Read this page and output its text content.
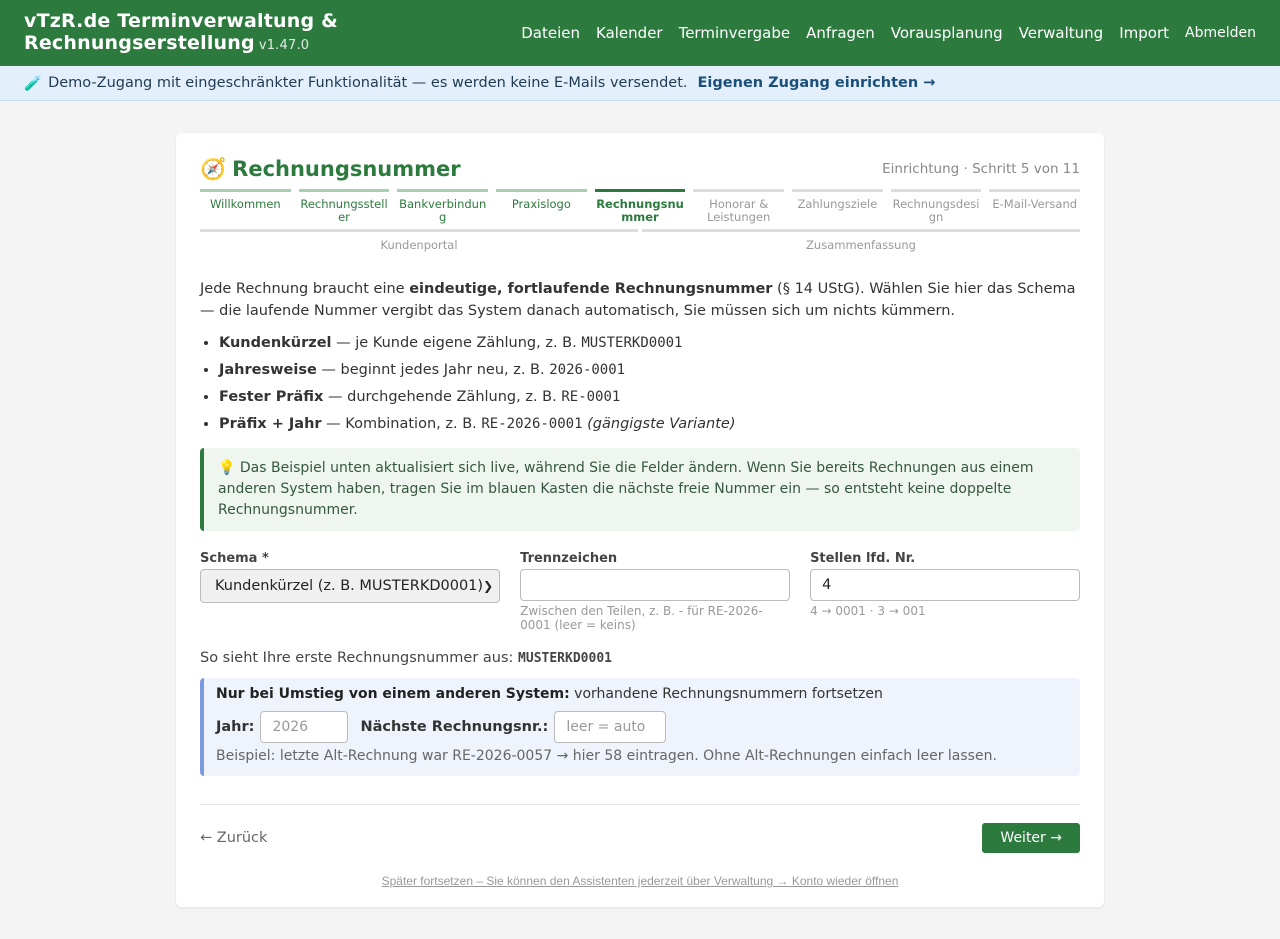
vTzR.de Terminverwaltung &
Rechnungserstellung v1.47.0
Dateien Kalender Terminvergabe Anfragen Vorausplanung Verwaltung Import Abmelden
🧪 Demo-Zugang mit eingeschränkter Funktionalität — es werden keine E-Mails versendet. Eigenen Zugang einrichten →
🧭 Rechnungsnummer	Einrichtung · Schritt 5 von 11
Willkommen	Rechnungssteller
Bankverbindung
Praxislogo	Rechnungsnummer
Honorar & Leistungen
Zahlungsziele	Rechnungsdesign
E-Mail-Versand
Kundenportal	Zusammenfassung

Jede Rechnung braucht eine eindeutige, fortlaufende Rechnungsnummer (§ 14 UStG). Wählen Sie hier das Schema — die laufende Nummer vergibt das System danach automatisch, Sie müssen sich um nichts kümmern.

• Kundenkürzel — je Kunde eigene Zählung, z. B. MUSTERKD0001
• Jahresweise — beginnt jedes Jahr neu, z. B. 2026-0001
• Fester Präfix — durchgehende Zählung, z. B. RE-0001
• Präfix + Jahr — Kombination, z. B. RE-2026-0001 (gängigste Variante)
💡 Das Beispiel unten aktualisiert sich live, während Sie die Felder ändern. Wenn Sie bereits Rechnungen aus einem anderen System haben, tragen Sie im blauen Kasten die nächste freie Nummer ein — so entsteht keine doppelte Rechnungsnummer.
Schema *
Kundenkürzel (z. B. MUSTERKD0001) ❯
Trennzeichen
Zwischen den Teilen, z. B. - für RE-2026-0001 (leer = keins)
Stellen lfd. Nr.
4
4 → 0001 · 3 → 001
So sieht Ihre erste Rechnungsnummer aus: MUSTERKD0001
Nur bei Umstieg von einem anderen System: vorhandene Rechnungsnummern fortsetzen
Jahr:	2026	Nächste Rechnungsnr.:	leer = auto
Beispiel: letzte Alt-Rechnung war RE-2026-0057 → hier 58 eintragen. Ohne Alt-Rechnungen einfach leer lassen.
← Zurück	Weiter →
Später fortsetzen – Sie können den Assistenten jederzeit über Verwaltung → Konto wieder öffnen
